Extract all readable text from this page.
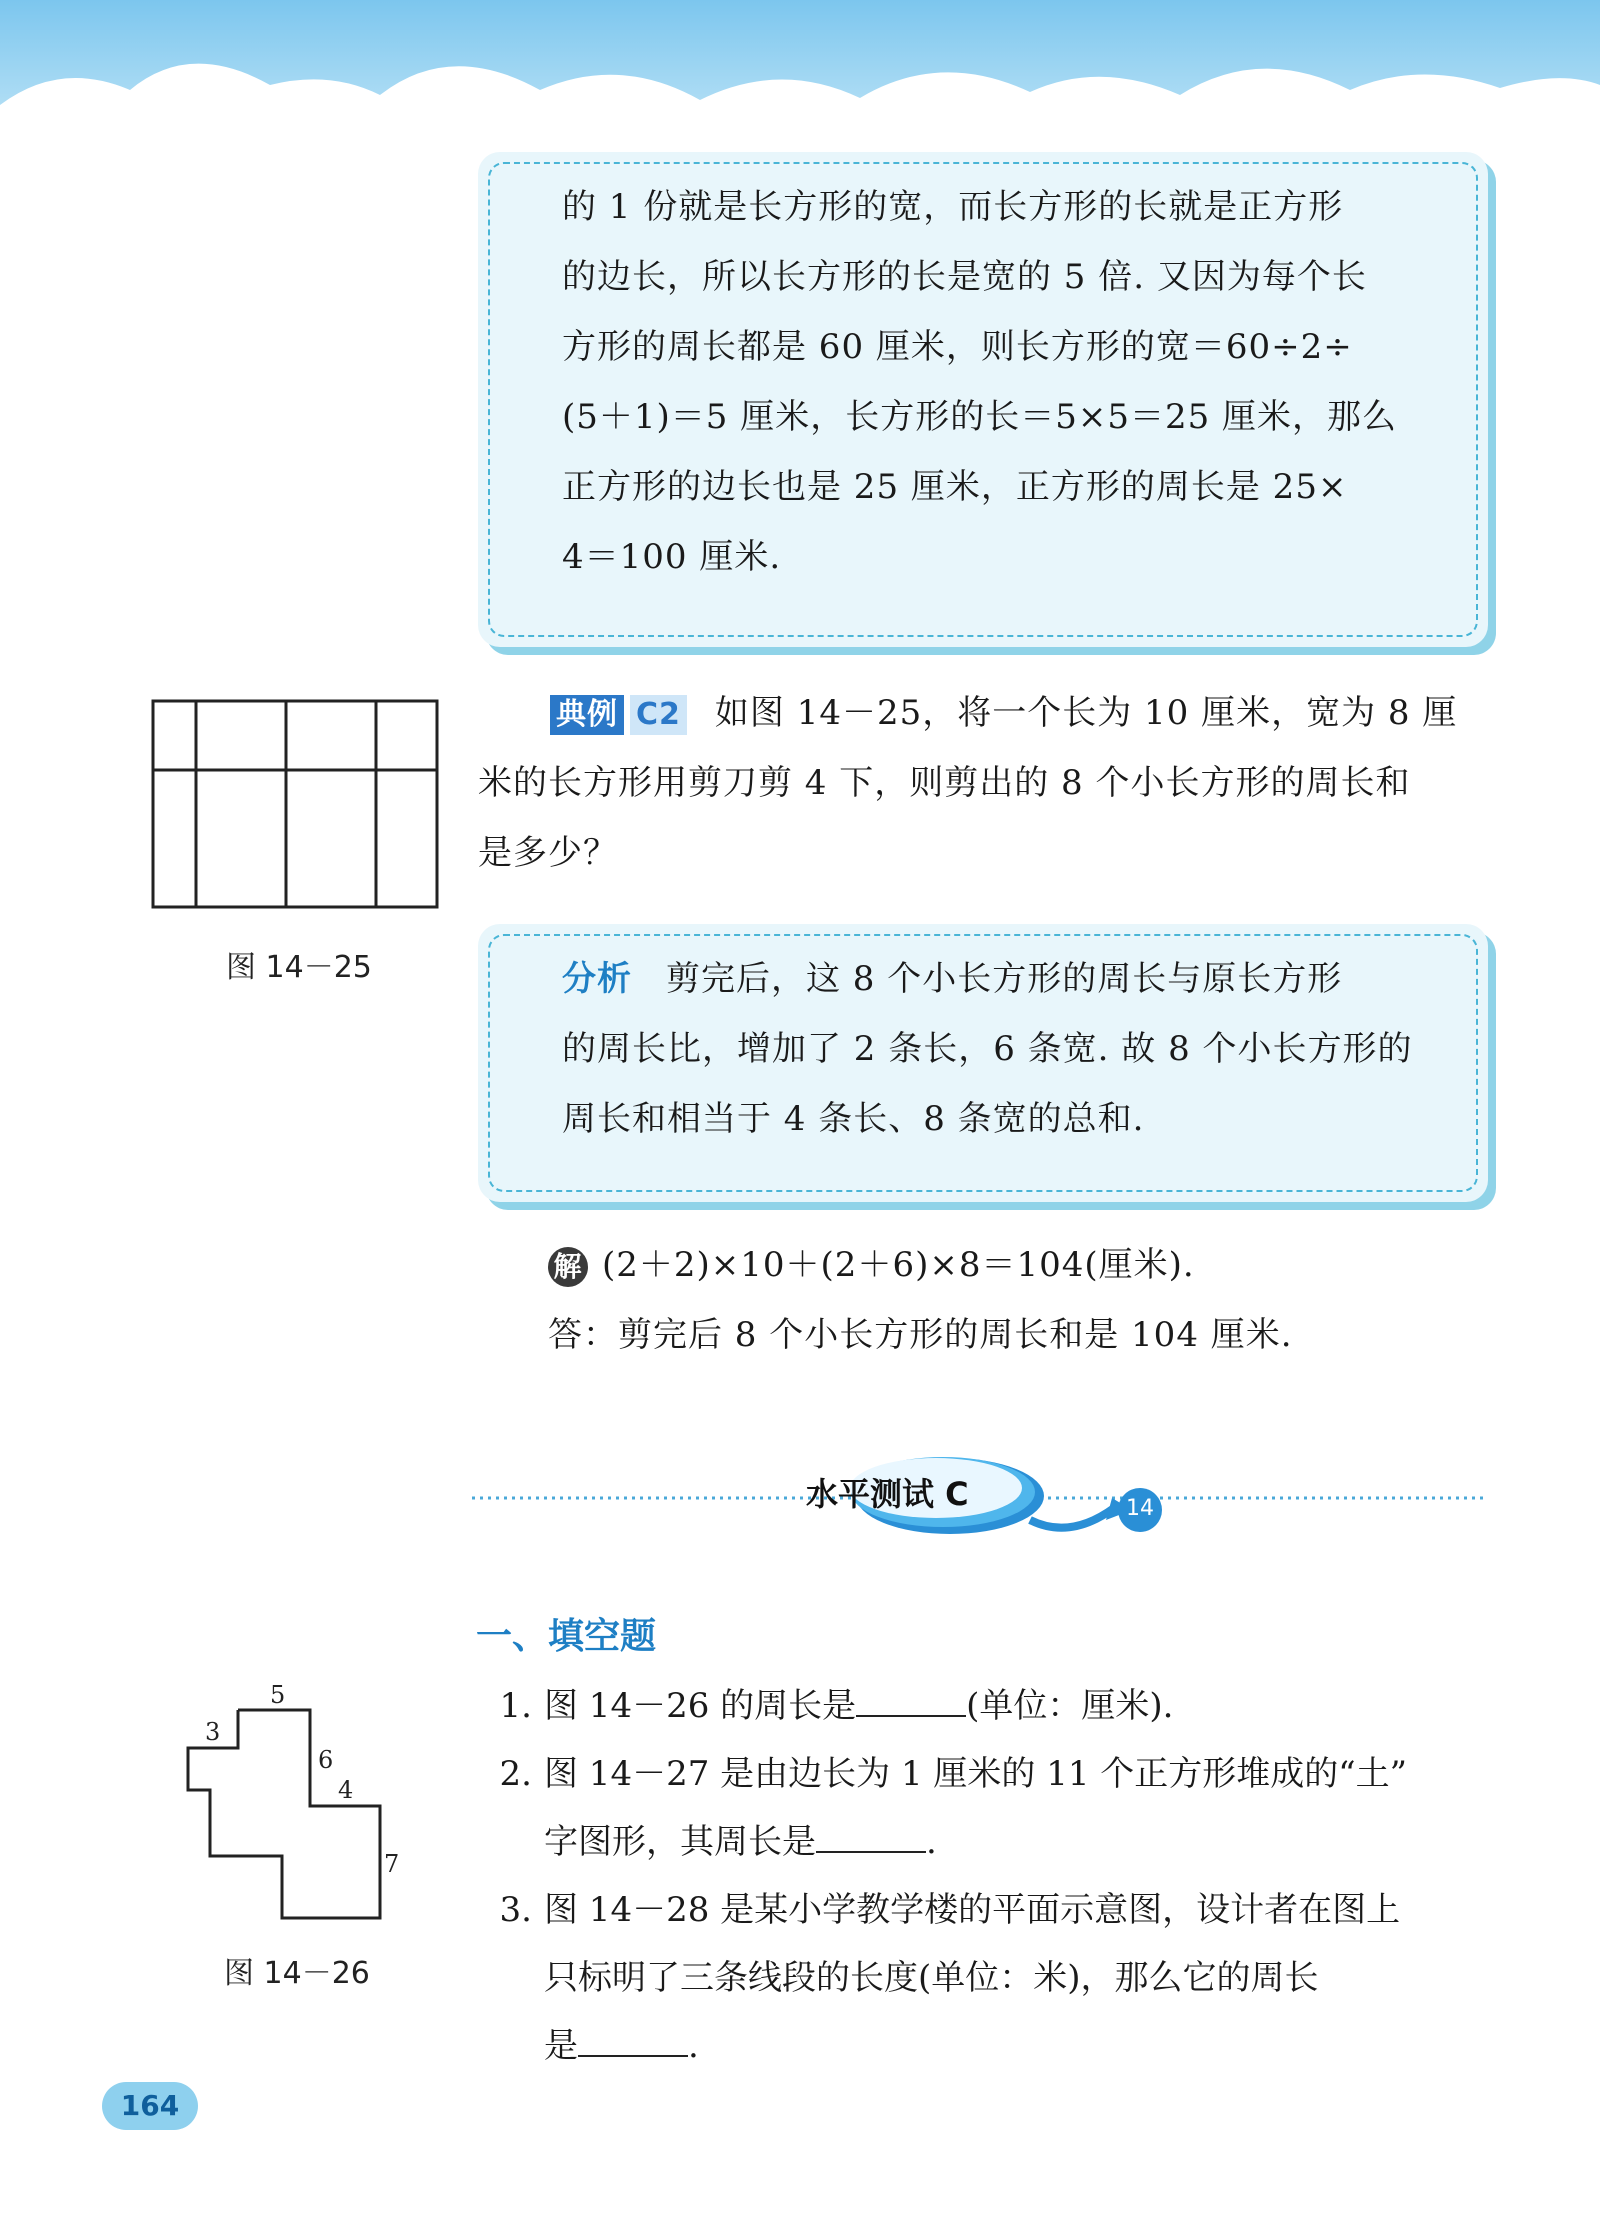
的 1 份就是长方形的宽，而长方形的长就是正方形
的边长，所以长方形的长是宽的 5 倍. 又因为每个长
方形的周长都是 60 厘米，则长方形的宽＝60÷2÷
(5＋1)＝5 厘米，长方形的长＝5×5＝25 厘米，那么
正方形的边长也是 25 厘米，正方形的周长是 25×
4＝100 厘米.
图 14－25
典例 C2 如图 14－25，将一个长为 10 厘米，宽为 8 厘
米的长方形用剪刀剪 4 下，则剪出的 8 个小长方形的周长和
是多少？
分析 剪完后，这 8 个小长方形的周长与原长方形
的周长比，增加了 2 条长，6 条宽. 故 8 个小长方形的
周长和相当于 4 条长、8 条宽的总和.
解 (2＋2)×10＋(2＋6)×8＝104(厘米).
答：剪完后 8 个小长方形的周长和是 104 厘米.
水平测试 C	14
一、填空题
1. 图 14－26 的周长是	(单位：厘米).
2. 图 14－27 是由边长为 1 厘米的 11 个正方形堆成的“土”
字图形，其周长是	.
3. 图 14－28 是某小学教学楼的平面示意图，设计者在图上
只标明了三条线段的长度(单位：米)，那么它的周长
是	.
5
3
6
4
7
图 14－26
164
